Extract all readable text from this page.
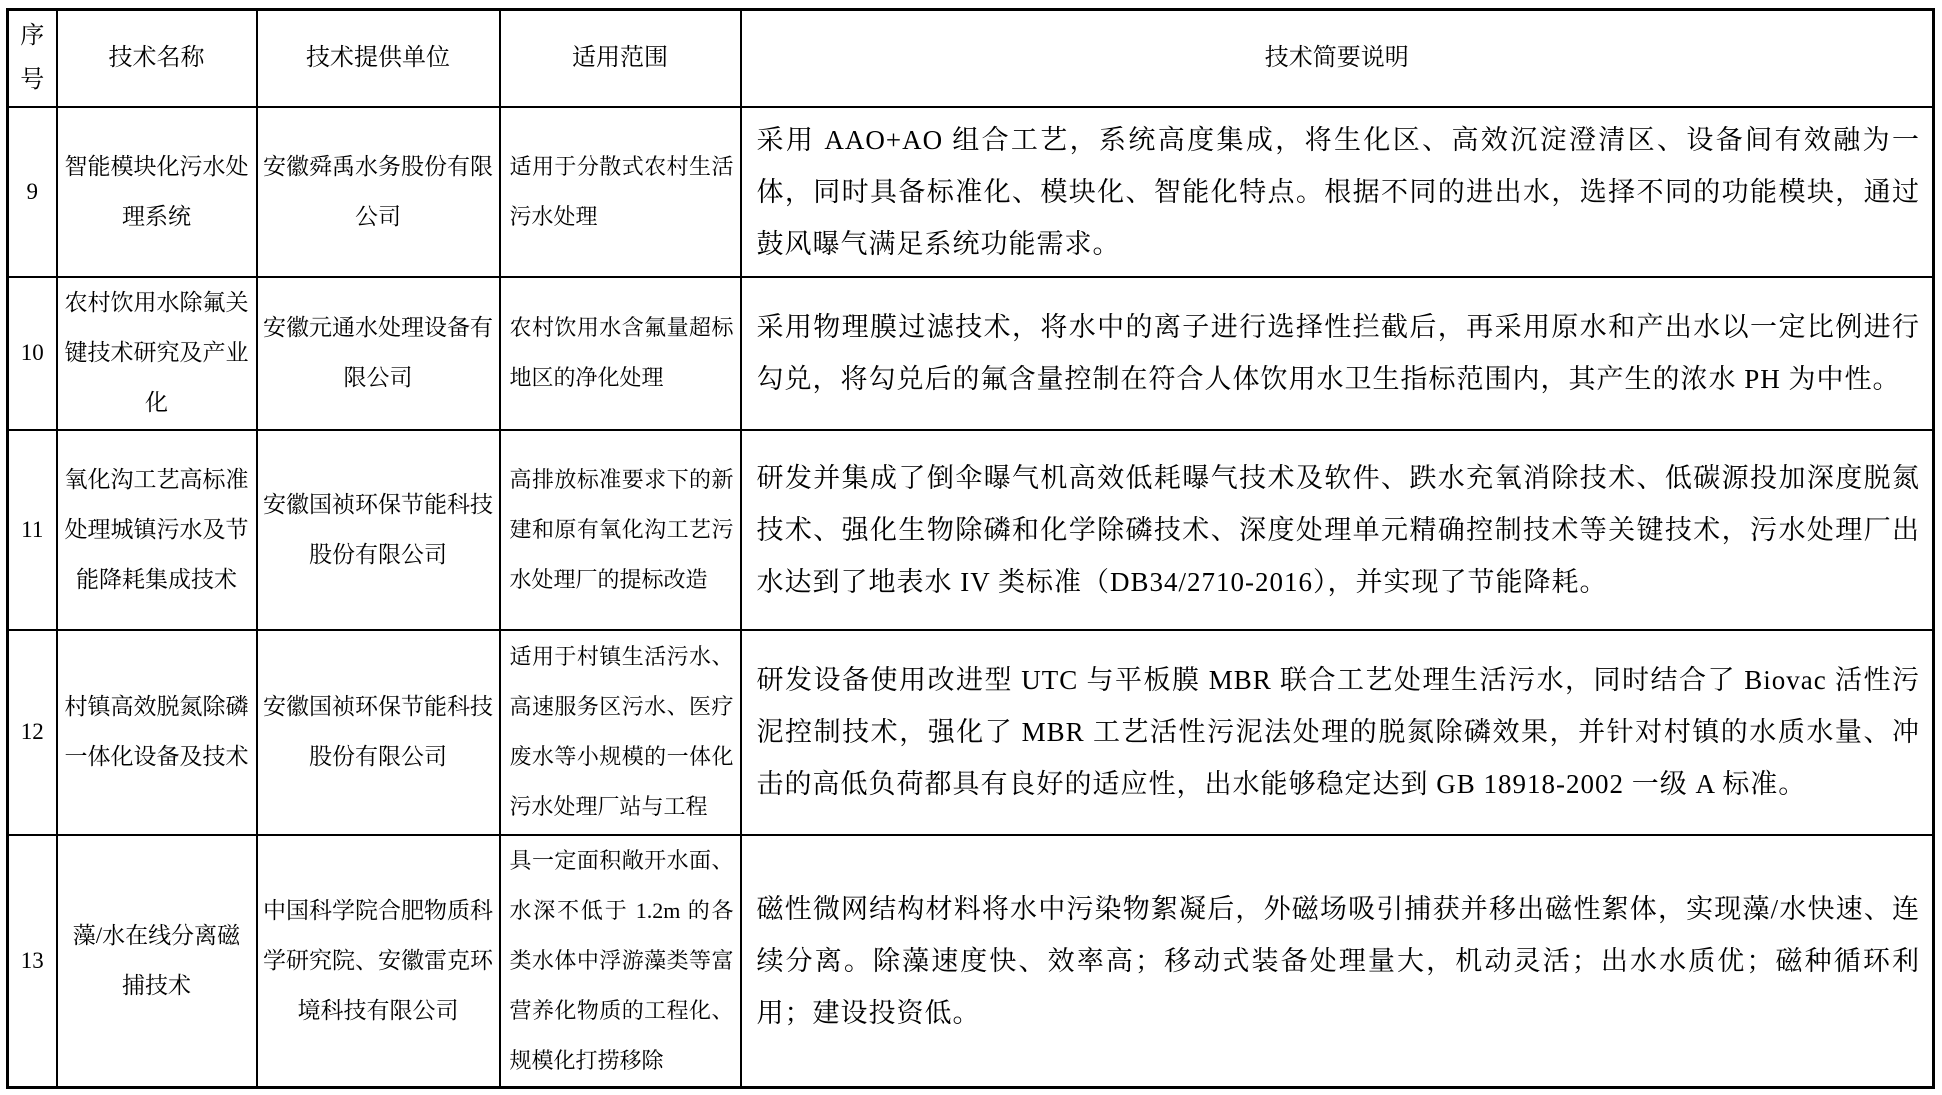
序号	技术名称	技术提供单位	适用范围	技术简要说明
9	智能模块化污水处理系统	安徽舜禹水务股份有限公司	适用于分散式农村生活污水处理	采用 AAO+AO 组合工艺，系统高度集成，将生化区、高效沉淀澄清区、设备间有效融为一体，同时具备标准化、模块化、智能化特点。根据不同的进出水，选择不同的功能模块，通过鼓风曝气满足系统功能需求。
10	农村饮用水除氟关键技术研究及产业化	安徽元通水处理设备有限公司	农村饮用水含氟量超标地区的净化处理	采用物理膜过滤技术，将水中的离子进行选择性拦截后，再采用原水和产出水以一定比例进行勾兑，将勾兑后的氟含量控制在符合人体饮用水卫生指标范围内，其产生的浓水 PH 为中性。
11	氧化沟工艺高标准处理城镇污水及节能降耗集成技术	安徽国祯环保节能科技股份有限公司	高排放标准要求下的新建和原有氧化沟工艺污水处理厂的提标改造	研发并集成了倒伞曝气机高效低耗曝气技术及软件、跌水充氧消除技术、低碳源投加深度脱氮技术、强化生物除磷和化学除磷技术、深度处理单元精确控制技术等关键技术，污水处理厂出水达到了地表水 IV 类标准（DB34/2710-2016），并实现了节能降耗。
12	村镇高效脱氮除磷一体化设备及技术	安徽国祯环保节能科技股份有限公司	适用于村镇生活污水、高速服务区污水、医疗废水等小规模的一体化污水处理厂站与工程	研发设备使用改进型 UTC 与平板膜 MBR 联合工艺处理生活污水，同时结合了 Biovac 活性污泥控制技术，强化了 MBR 工艺活性污泥法处理的脱氮除磷效果，并针对村镇的水质水量、冲击的高低负荷都具有良好的适应性，出水能够稳定达到 GB 18918-2002 一级 A 标准。
13	藻/水在线分离磁捕技术	中国科学院合肥物质科学研究院、安徽雷克环境科技有限公司	具一定面积敞开水面、水深不低于 1.2m 的各类水体中浮游藻类等富营养化物质的工程化、规模化打捞移除	磁性微网结构材料将水中污染物絮凝后，外磁场吸引捕获并移出磁性絮体，实现藻/水快速、连续分离。除藻速度快、效率高；移动式装备处理量大，机动灵活；出水水质优；磁种循环利用；建设投资低。
